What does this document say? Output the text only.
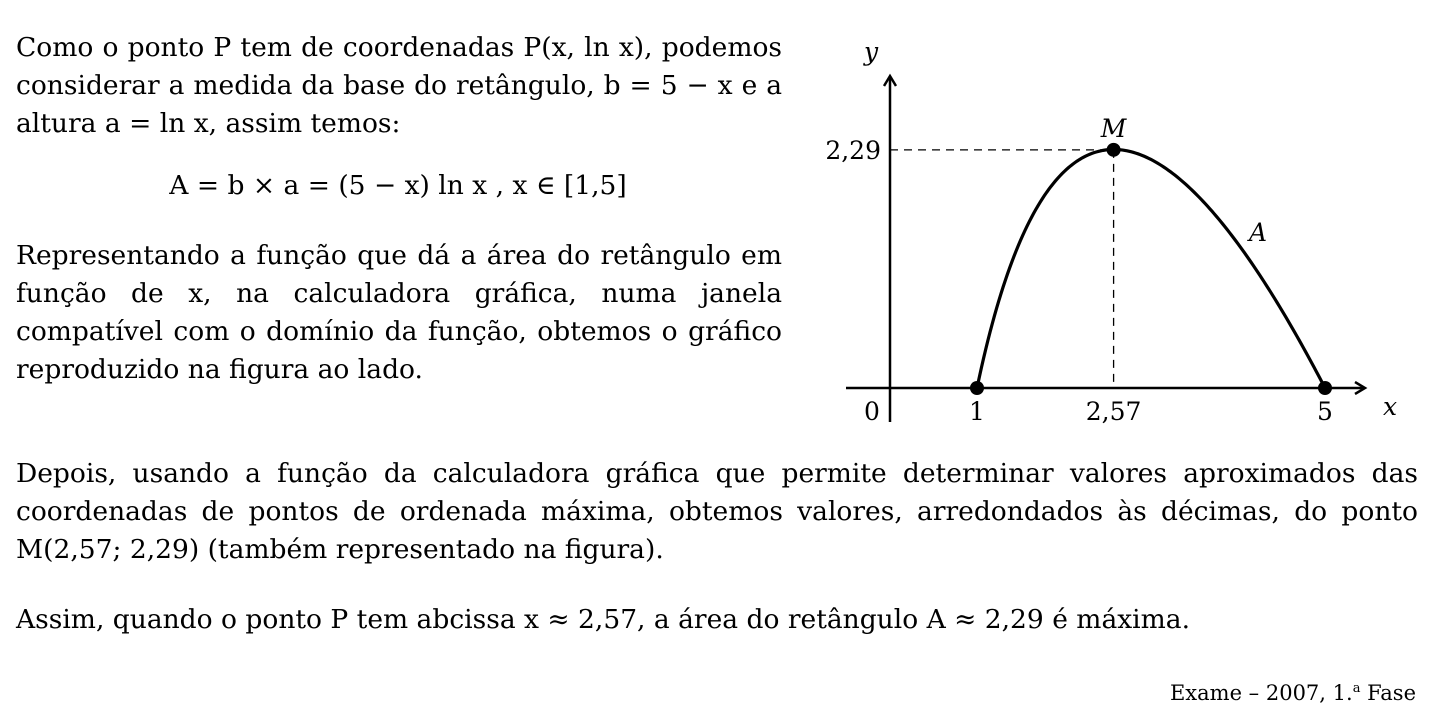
Como o ponto P tem de coordenadas P(x, ln x), podemos considerar a medida da base do retângulo, b = 5 − x e a altura a = ln x, assim temos:

A = b × a = (5 − x) ln x , x ∈ [1,5]

Representando a função que dá a área do retângulo em função de x, na calculadora gráfica, numa janela compatível com o domínio da função, obtemos o gráfico reproduzido na figura ao lado.

0	1	2,57	5
2,29
x
y
M
A

Depois, usando a função da calculadora gráfica que permite determinar valores aproximados das coordenadas de pontos de ordenada máxima, obtemos valores, arredondados às décimas, do ponto M(2,57; 2,29) (também representado na figura).

Assim, quando o ponto P tem abcissa x ≈ 2,57, a área do retângulo A ≈ 2,29 é máxima.

Exame – 2007, 1.$^a$ Fase
